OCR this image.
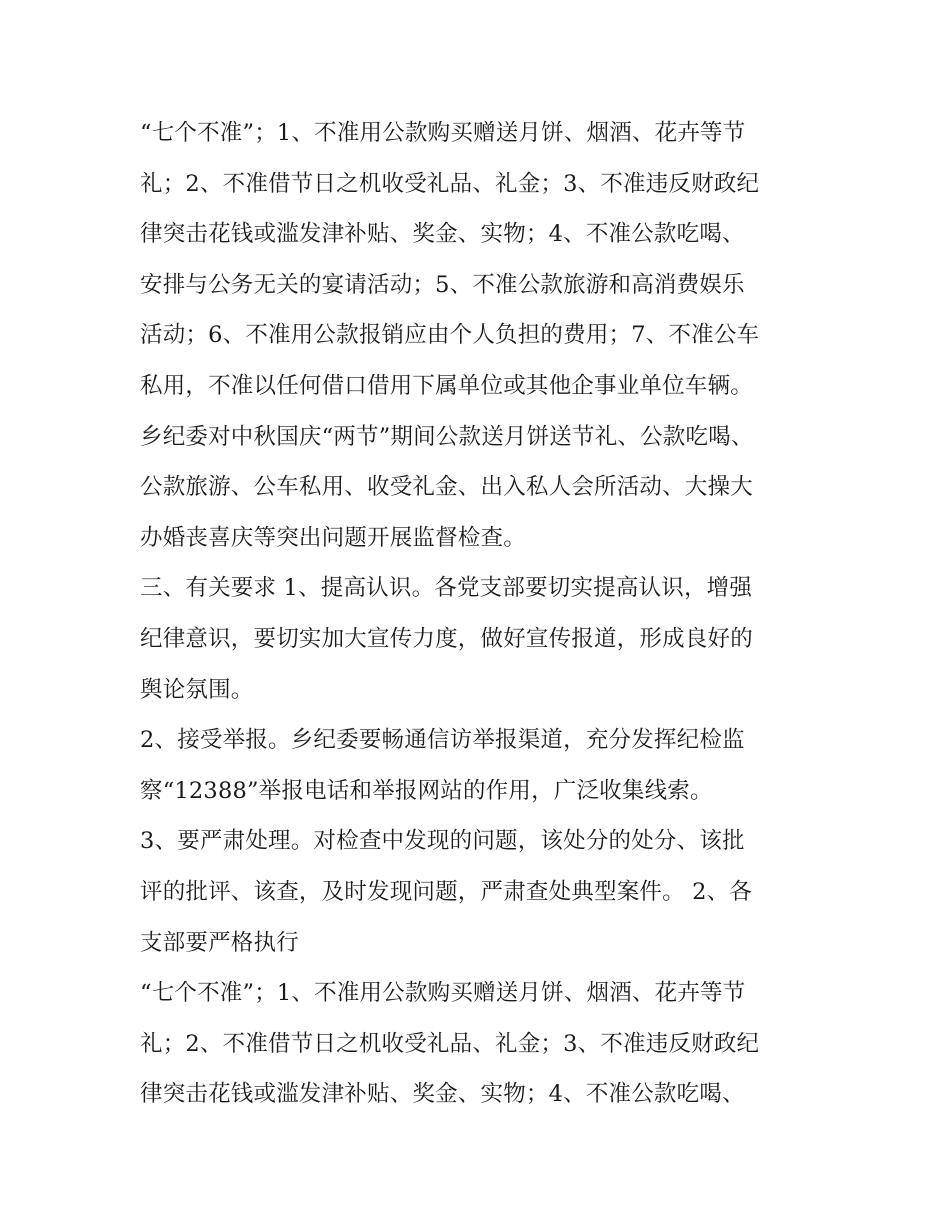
“七个不准”；1、不准用公款购买赠送月饼、烟酒、花卉等节
礼；2、不准借节日之机收受礼品、礼金；3、不准违反财政纪
律突击花钱或滥发津补贴、奖金、实物；4、不准公款吃喝、
安排与公务无关的宴请活动；5、不准公款旅游和高消费娱乐
活动；6、不准用公款报销应由个人负担的费用；7、不准公车
私用，不准以任何借口借用下属单位或其他企事业单位车辆。
乡纪委对中秋国庆“两节”期间公款送月饼送节礼、公款吃喝、
公款旅游、公车私用、收受礼金、出入私人会所活动、大操大
办婚丧喜庆等突出问题开展监督检查。
三、有关要求 1、提高认识。各党支部要切实提高认识，增强
纪律意识，要切实加大宣传力度，做好宣传报道，形成良好的
舆论氛围。
2、接受举报。乡纪委要畅通信访举报渠道，充分发挥纪检监
察“12388”举报电话和举报网站的作用，广泛收集线索。
3、要严肃处理。对检查中发现的问题，该处分的处分、该批
评的批评、该查，及时发现问题，严肃查处典型案件。 2、各
支部要严格执行
“七个不准”；1、不准用公款购买赠送月饼、烟酒、花卉等节
礼；2、不准借节日之机收受礼品、礼金；3、不准违反财政纪
律突击花钱或滥发津补贴、奖金、实物；4、不准公款吃喝、
